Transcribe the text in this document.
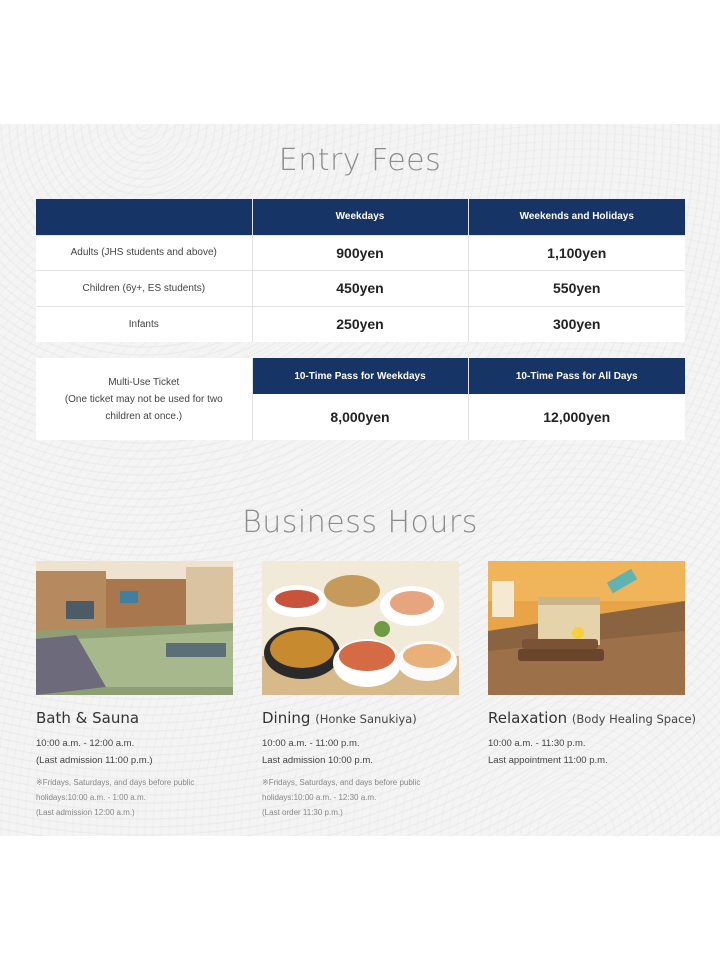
Entry Fees
	Weekdays	Weekends and Holidays
Adults (JHS students and above)	900yen	1,100yen
Children (6y+, ES students)	450yen	550yen
Infants	250yen	300yen
Multi-Use Ticket
(One ticket may not be used for two children at once.)	10-Time Pass for Weekdays	10-Time Pass for All Days
	8,000yen	12,000yen
Business Hours
Bath & Sauna
10:00 a.m. - 12:00 a.m.
(Last admission 11:00 p.m.)
※Fridays, Saturdays, and days before public
holidays:10:00 a.m. - 1:00 a.m.
(Last admission 12:00 a.m.)
Dining (Honke Sanukiya)
10:00 a.m. - 11:00 p.m.
Last admission 10:00 p.m.
※Fridays, Saturdays, and days before public
holidays:10:00 a.m. - 12:30 a.m.
(Last order 11:30 p.m.)
Relaxation (Body Healing Space)
10:00 a.m. - 11:30 p.m.
Last appointment 11:00 p.m.
